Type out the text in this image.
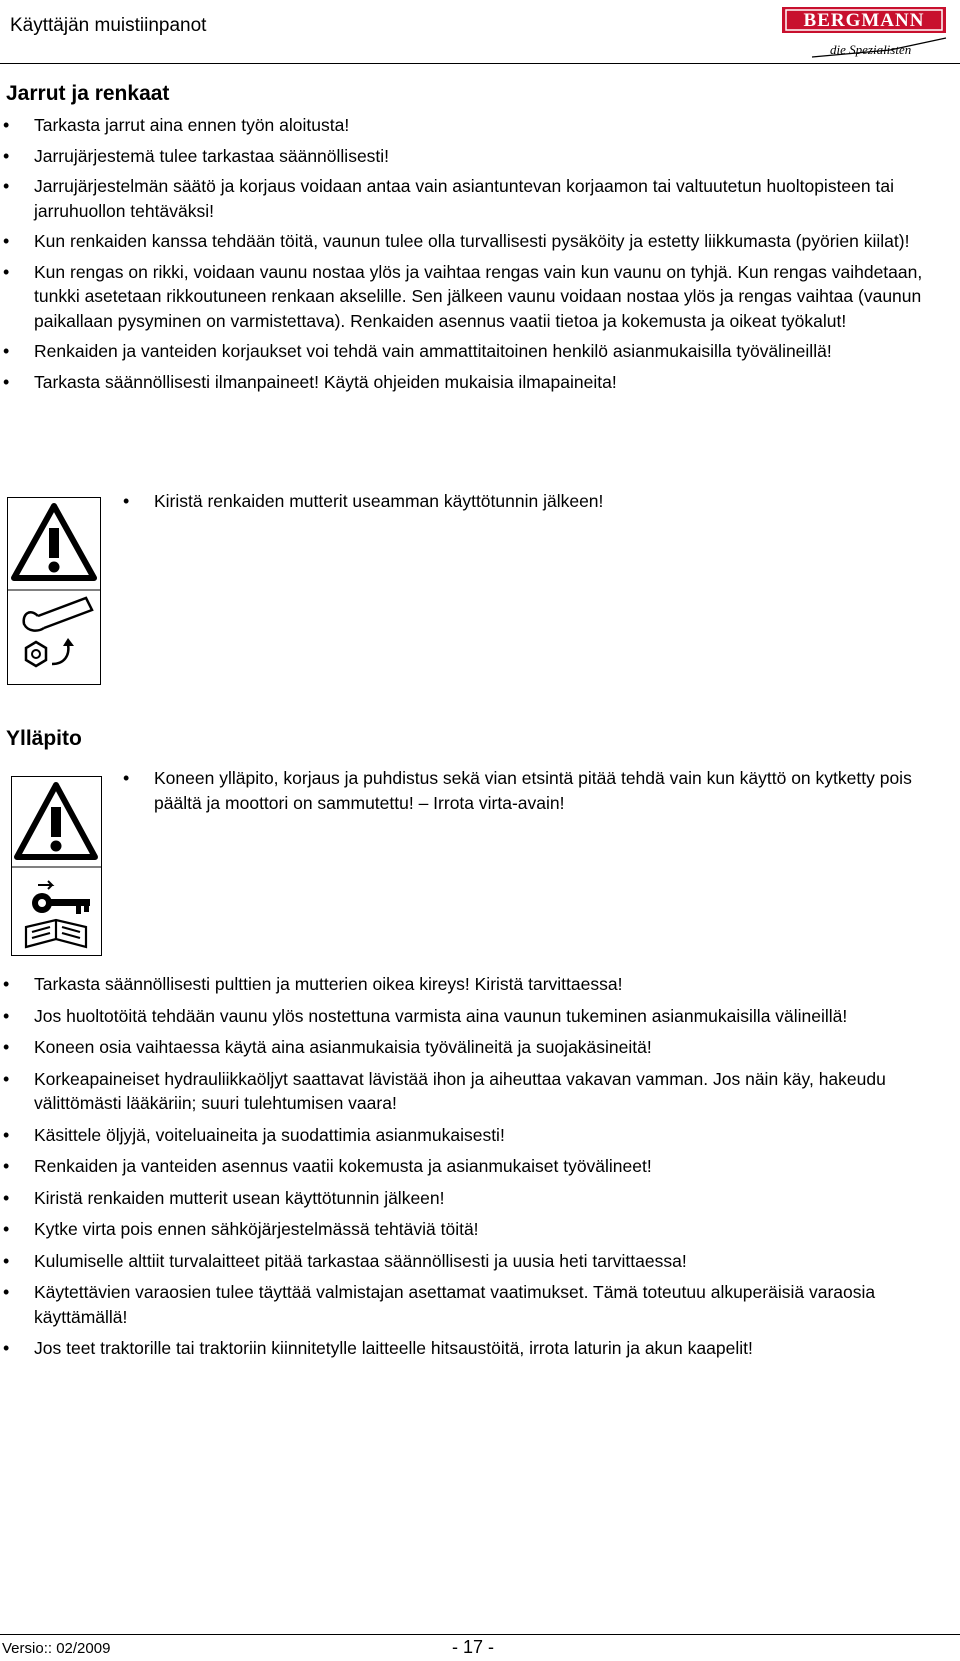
Käyttäjän muistiinpanot	BERGMANN
die Spezialisten
Jarrut ja renkaat
• Tarkasta jarrut aina ennen työn aloitusta!
• Jarrujärjestemä tulee tarkastaa säännöllisesti!
• Jarrujärjestelmän säätö ja korjaus voidaan antaa vain asiantuntevan korjaamon tai valtuutetun huoltopisteen tai jarruhuollon tehtäväksi!
• Kun renkaiden kanssa tehdään töitä, vaunun tulee olla turvallisesti pysäköity ja estetty liikkumasta (pyörien kiilat)!
• Kun rengas on rikki, voidaan vaunu nostaa ylös ja vaihtaa rengas vain kun vaunu on tyhjä. Kun rengas vaihdetaan, tunkki asetetaan rikkoutuneen renkaan akselille. Sen jälkeen vaunu voidaan nostaa ylös ja rengas vaihtaa (vaunun paikallaan pysyminen on varmistettava). Renkaiden asennus vaatii tietoa ja kokemusta ja oikeat työkalut!
• Renkaiden ja vanteiden korjaukset voi tehdä vain ammattitaitoinen henkilö asianmukaisilla työvälineillä!
• Tarkasta säännöllisesti ilmanpaineet! Käytä ohjeiden mukaisia ilmapaineita!
• Kiristä renkaiden mutterit useamman käyttötunnin jälkeen!
Ylläpito
• Koneen ylläpito, korjaus ja puhdistus sekä vian etsintä pitää tehdä vain kun käyttö on kytketty pois päältä ja moottori on sammutettu! – Irrota virta-avain!
• Tarkasta säännöllisesti pulttien ja mutterien oikea kireys! Kiristä tarvittaessa!
• Jos huoltotöitä tehdään vaunu ylös nostettuna varmista aina vaunun tukeminen asianmukaisilla välineillä!
• Koneen osia vaihtaessa käytä aina asianmukaisia työvälineitä ja suojakäsineitä!
• Korkeapaineiset hydrauliikkaöljyt saattavat lävistää ihon ja aiheuttaa vakavan vamman. Jos näin käy, hakeudu välittömästi lääkäriin; suuri tulehtumisen vaara!
• Käsittele öljyjä, voiteluaineita ja suodattimia asianmukaisesti!
• Renkaiden ja vanteiden asennus vaatii kokemusta ja asianmukaiset työvälineet!
• Kiristä renkaiden mutterit usean käyttötunnin jälkeen!
• Kytke virta pois ennen sähköjärjestelmässä tehtäviä töitä!
• Kulumiselle alttiit turvalaitteet pitää tarkastaa säännöllisesti ja uusia heti tarvittaessa!
• Käytettävien varaosien tulee täyttää valmistajan asettamat vaatimukset. Tämä toteutuu alkuperäisiä varaosia käyttämällä!
• Jos teet traktorille tai traktoriin kiinnitetylle laitteelle hitsaustöitä, irrota laturin ja akun kaapelit!
Versio:: 02/2009	- 17 -
